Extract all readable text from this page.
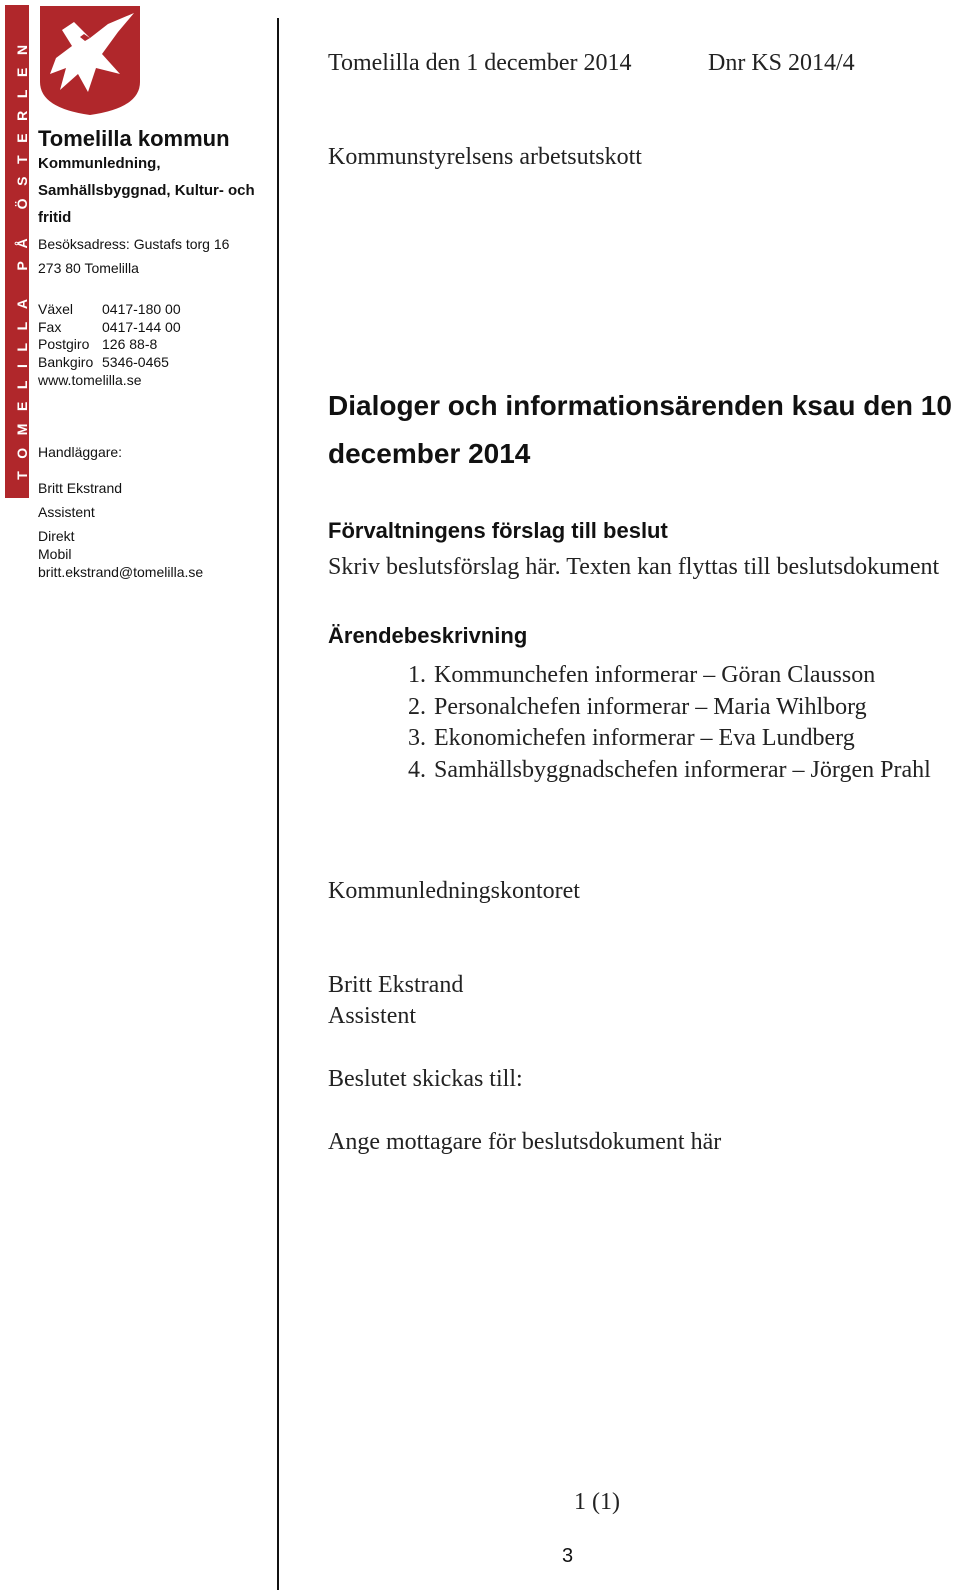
TOMELILLA PÅ ÖSTERLEN Tomelilla kommun
Kommunledning,
Samhällsbyggnad, Kultur- och
fritid
Besöksadress: Gustafs torg 16
273 80 Tomelilla
Växel 0417-180 00
Fax	0417-144 00
Postgiro 126 88-8
Bankgiro 5346-0465
www.tomelilla.se
Handläggare:
Britt Ekstrand
Assistent
Direkt
Mobil
britt.ekstrand@tomelilla.se
Tomelilla den 1 december 2014	Dnr KS 2014/4
Kommunstyrelsens arbetsutskott
Dialoger och informationsärenden ksau den 10 december 2014
Förvaltningens förslag till beslut
Skriv beslutsförslag här. Texten kan flyttas till beslutsdokument
Ärendebeskrivning
1. Kommunchefen informerar – Göran Clausson
2. Personalchefen informerar – Maria Wihlborg
3. Ekonomichefen informerar – Eva Lundberg
4. Samhällsbyggnadschefen informerar – Jörgen Prahl
Kommunledningskontoret
Britt Ekstrand
Assistent
Beslutet skickas till:
Ange mottagare för beslutsdokument här
1 (1)
3
